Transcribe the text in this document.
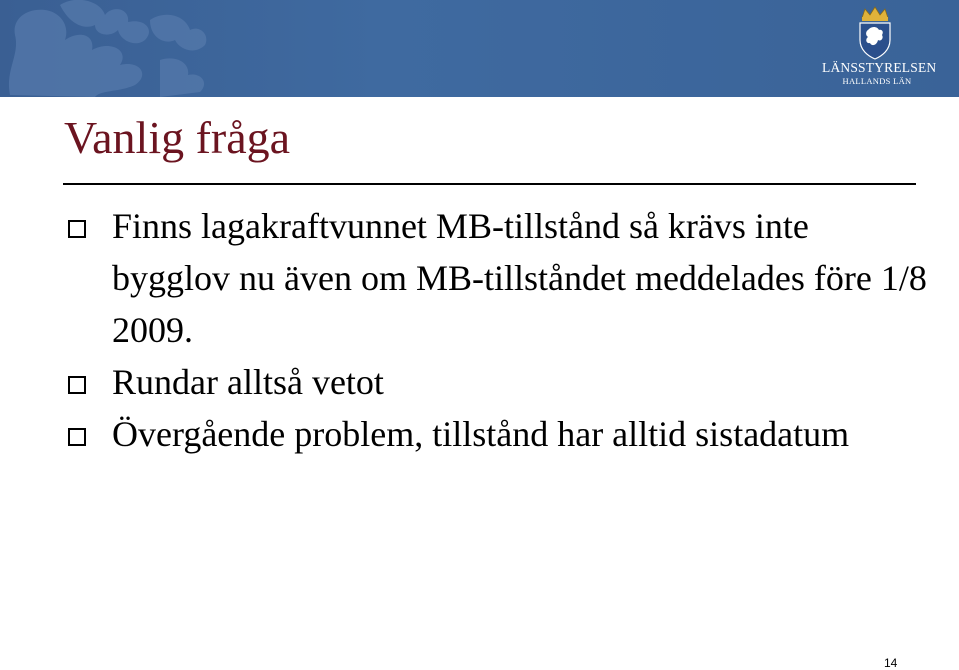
LÄNSSTYRELSEN
HALLANDS LÄN
Vanlig fråga
Finns lagakraftvunnet MB-tillstånd så krävs inte bygglov nu även om MB-tillståndet meddelades före 1/8 2009.
Rundar alltså vetot
Övergående problem, tillstånd har alltid sistadatum
14
